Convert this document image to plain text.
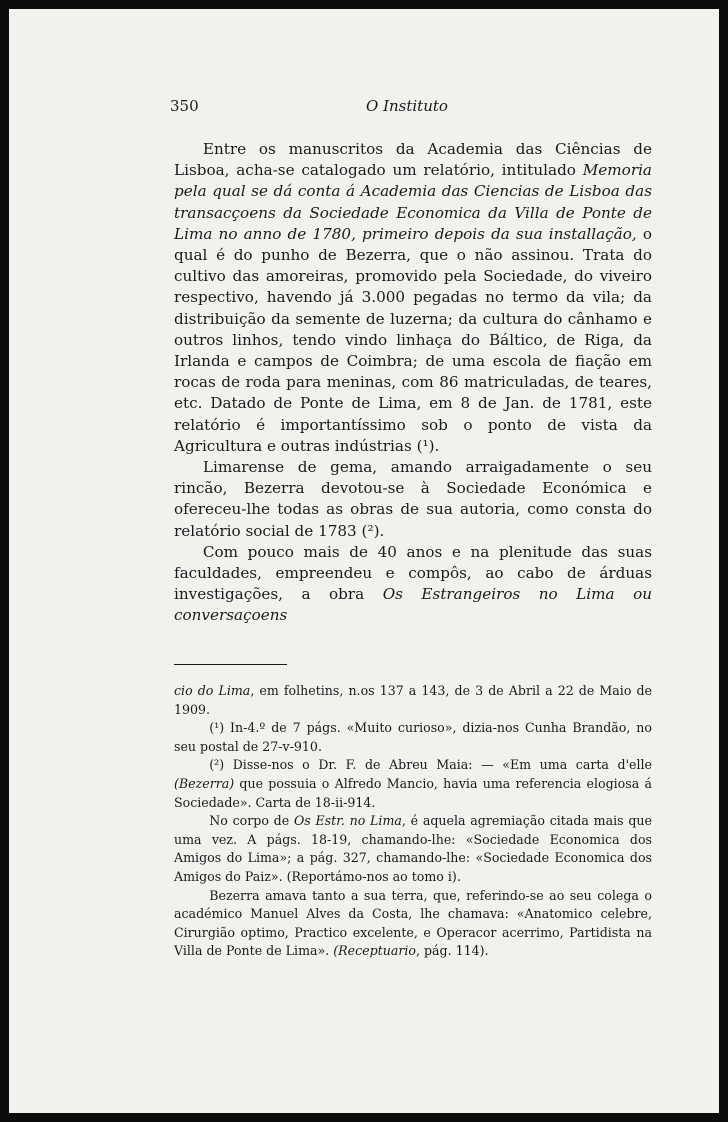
350	O Instituto

Entre os manuscritos da Academia das Ciências de Lisboa, acha-se catalogado um relatório, intitulado Memoria pela qual se dá conta á Academia das Ciencias de Lisboa das transacçoens da Sociedade Economica da Villa de Ponte de Lima no anno de 1780, primeiro depois da sua installação, o qual é do punho de Bezerra, que o não assinou. Trata do cultivo das amoreiras, promovido pela Sociedade, do viveiro respectivo, havendo já 3.000 pegadas no termo da vila; da distribuição da semente de luzerna; da cultura do cânhamo e outros linhos, tendo vindo linhaça do Báltico, de Riga, da Irlanda e campos de Coimbra; de uma escola de fiação em rocas de roda para meninas, com 86 matriculadas, de teares, etc. Datado de Ponte de Lima, em 8 de Jan. de 1781, este relatório é importantíssimo sob o ponto de vista da Agricultura e outras indústrias (¹).

Limarense de gema, amando arraigadamente o seu rincão, Bezerra devotou-se à Sociedade Económica e ofereceu-lhe todas as obras de sua autoria, como consta do relatório social de 1783 (²).

Com pouco mais de 40 anos e na plenitude das suas faculdades, empreendeu e compôs, ao cabo de árduas investigações, a obra Os Estrangeiros no Lima ou conversaçoens

cio do Lima, em folhetins, n.os 137 a 143, de 3 de Abril a 22 de Maio de 1909.

(¹) In-4.º de 7 págs. «Muito curioso», dizia-nos Cunha Brandão, no seu postal de 27-v-910.

(²) Disse-nos o Dr. F. de Abreu Maia: — «Em uma carta d'elle (Bezerra) que possuia o Alfredo Mancio, havia uma referencia elogiosa á Sociedade». Carta de 18-ii-914.

No corpo de Os Estr. no Lima, é aquela agremiação citada mais que uma vez. A págs. 18-19, chamando-lhe: «Sociedade Economica dos Amigos do Lima»; a pág. 327, chamando-lhe: «Sociedade Economica dos Amigos do Paiz». (Reportámo-nos ao tomo i).

Bezerra amava tanto a sua terra, que, referindo-se ao seu colega o académico Manuel Alves da Costa, lhe chamava: «Anatomico celebre, Cirurgião optimo, Practico excelente, e Operacor acerrimo, Partidista na Villa de Ponte de Lima». (Receptuario, pág. 114).
